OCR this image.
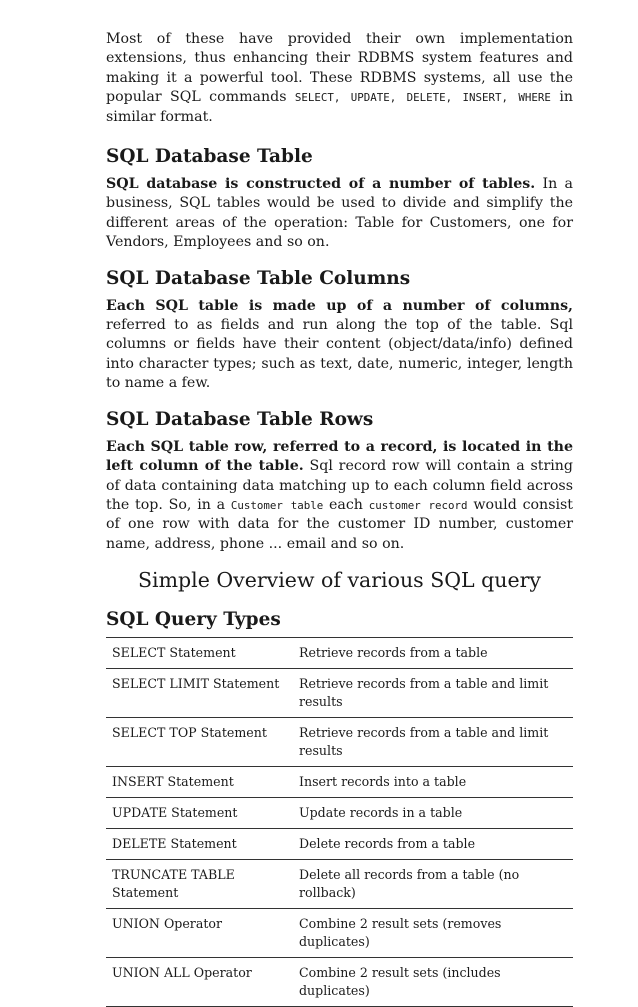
Most of these have provided their own implementation extensions, thus enhancing their RDBMS system features and making it a powerful tool. These RDBMS systems, all use the popular SQL commands SELECT, UPDATE, DELETE, INSERT, WHERE in similar format.

SQL Database Table

SQL database is constructed of a number of tables. In a business, SQL tables would be used to divide and simplify the different areas of the operation: Table for Customers, one for Vendors, Employees and so on.

SQL Database Table Columns

Each SQL table is made up of a number of columns, referred to as fields and run along the top of the table. Sql columns or fields have their content (object/data/info) defined into character types; such as text, date, numeric, integer, length to name a few.

SQL Database Table Rows

Each SQL table row, referred to a record, is located in the left column of the table. Sql record row will contain a string of data containing data matching up to each column field across the top. So, in a Customer table each customer record would consist of one row with data for the customer ID number, customer name, address, phone ... email and so on.

Simple Overview of various SQL query
SQL Query Types
SELECT Statement	Retrieve records from a table
SELECT LIMIT Statement	Retrieve records from a table and limit results
SELECT TOP Statement	Retrieve records from a table and limit results
INSERT Statement	Insert records into a table
UPDATE Statement	Update records in a table
DELETE Statement	Delete records from a table
TRUNCATE TABLE Statement	Delete all records from a table (no rollback)
UNION Operator	Combine 2 result sets (removes duplicates)
UNION ALL Operator	Combine 2 result sets (includes duplicates)
